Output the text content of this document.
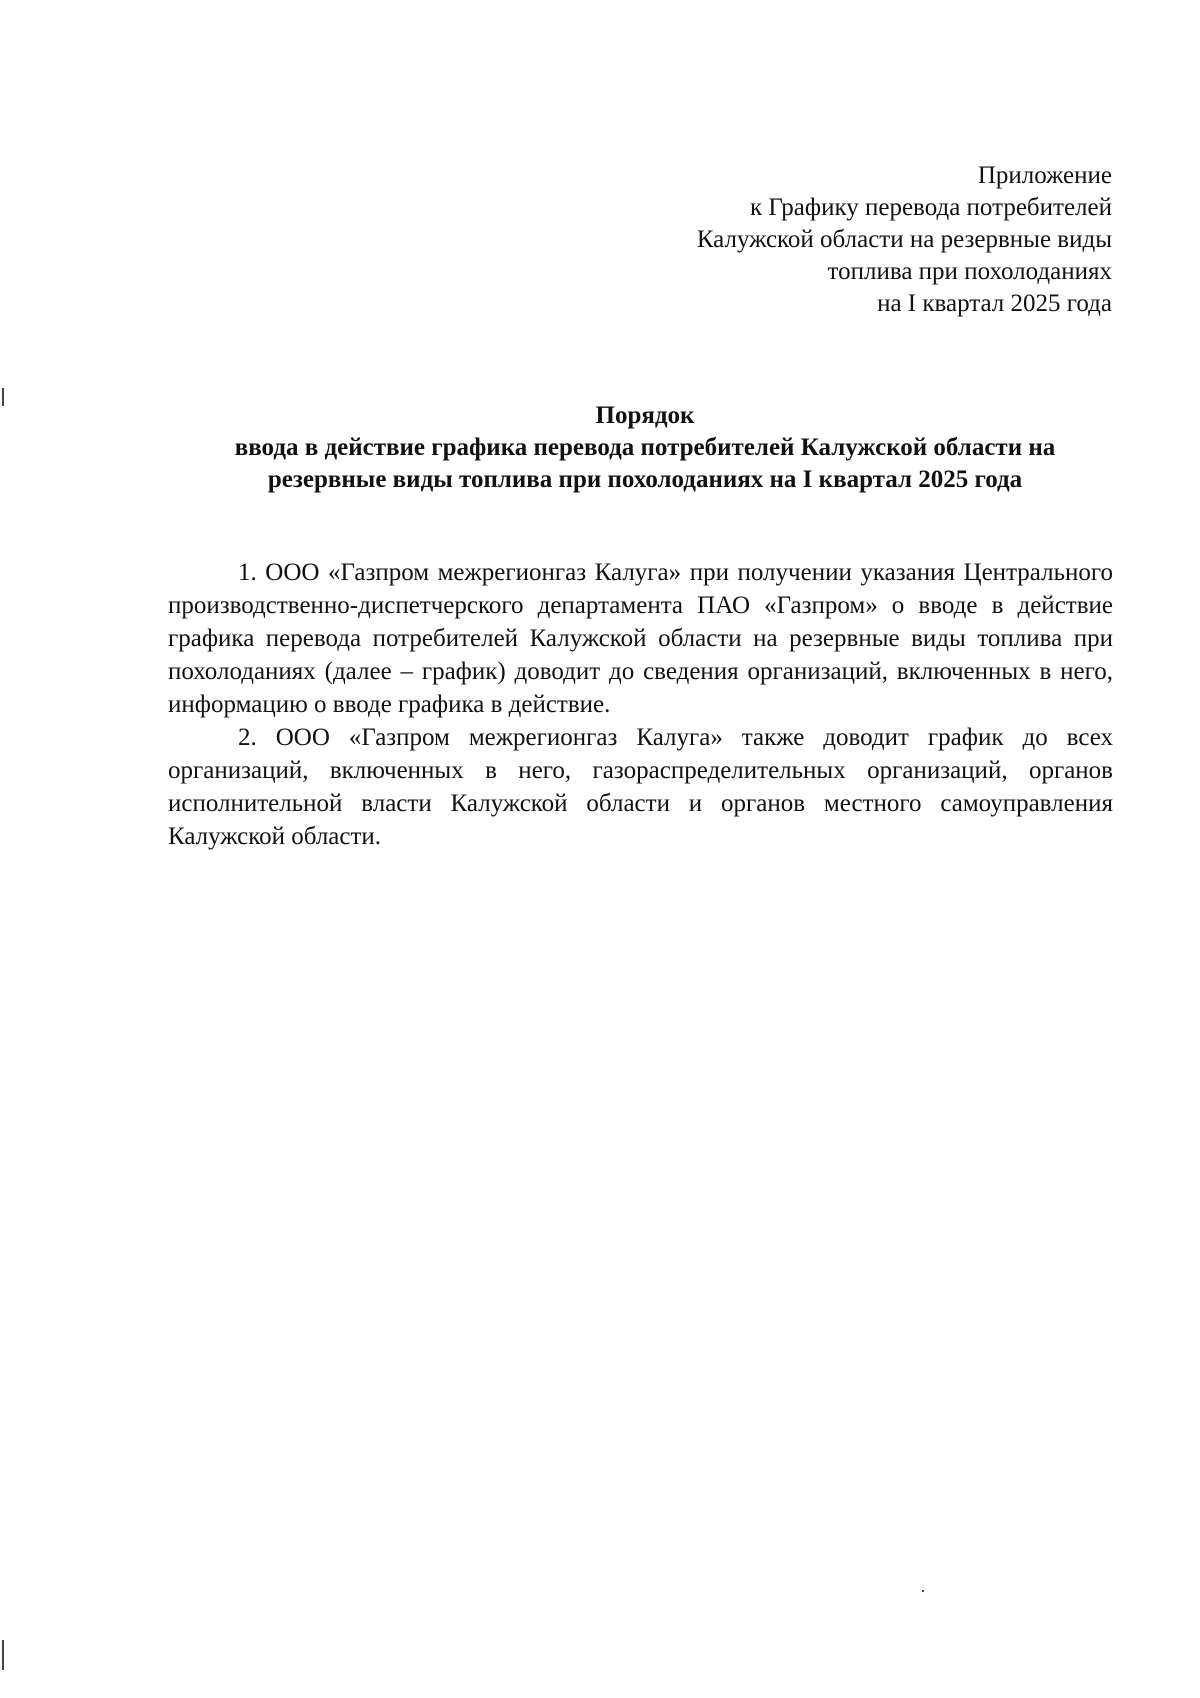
Приложение
к Графику перевода потребителей
Калужской области на резервные виды
топлива при похолоданиях
на I квартал 2025 года
Порядок
ввода в действие графика перевода потребителей Калужской области на
резервные виды топлива при похолоданиях на I квартал 2025 года

1. ООО «Газпром межрегионгаз Калуга» при получении указания Центрального производственно-диспетчерского департамента ПАО «Газпром» о вводе в действие графика перевода потребителей Калужской области на резервные виды топлива при похолоданиях (далее – график) доводит до сведения организаций, включенных в него, информацию о вводе графика в действие.

2. ООО «Газпром межрегионгаз Калуга» также доводит график до всех организаций, включенных в него, газораспределительных организаций, органов исполнительной власти Калужской области и органов местного самоуправления Калужской области.
